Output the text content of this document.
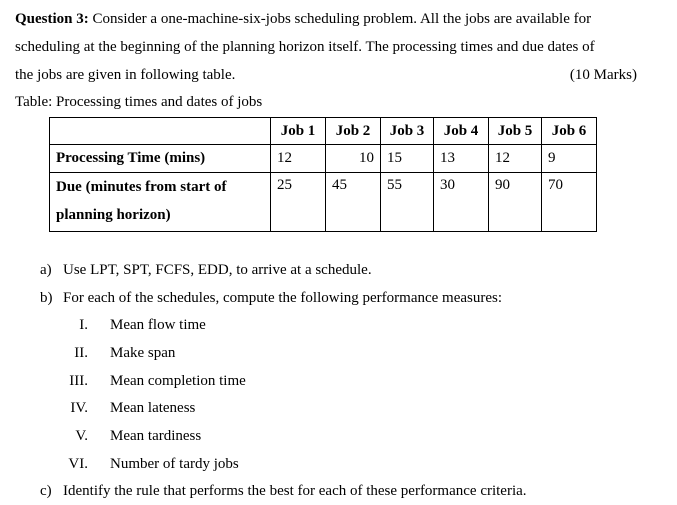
Question 3: Consider a one-machine-six-jobs scheduling problem. All the jobs are available for
scheduling at the beginning of the planning horizon itself. The processing times and due dates of
the jobs are given in following table.	(10 Marks)
Table: Processing times and dates of jobs
	Job 1	Job 2	Job 3	Job 4	Job 5	Job 6
Processing Time (mins)	12	10	15	13	12	9

Due (minutes from start of
planning horizon)	25	45	55	30	90	70
a) Use LPT, SPT, FCFS, EDD, to arrive at a schedule.
b) For each of the schedules, compute the following performance measures:
I. Mean flow time
II. Make span
III. Mean completion time
IV. Mean lateness
V. Mean tardiness
VI. Number of tardy jobs
c) Identify the rule that performs the best for each of these performance criteria.
